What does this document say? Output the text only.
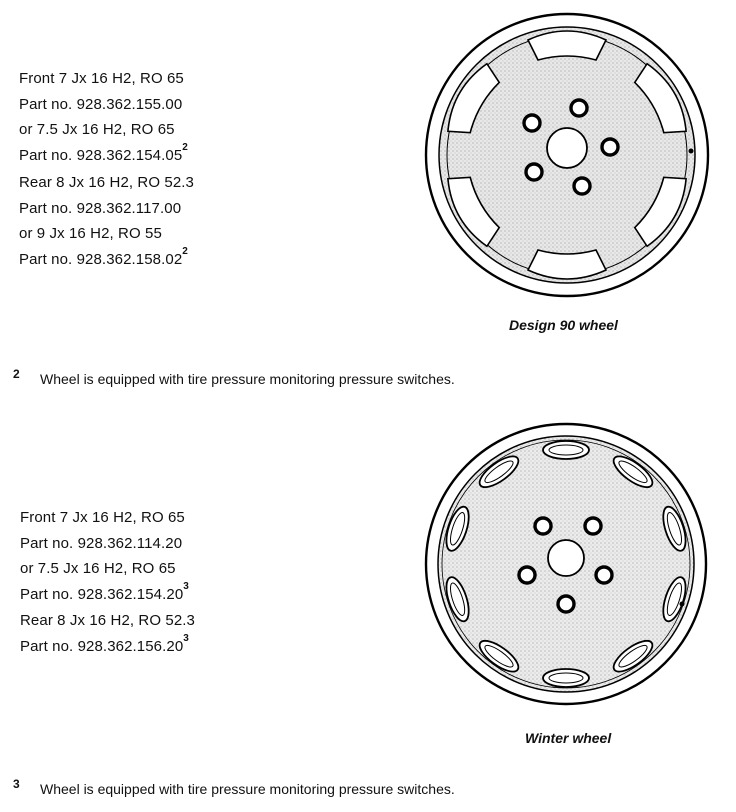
Front 7 Jx 16 H2, RO 65
Part no. 928.362.155.00
or 7.5 Jx 16 H2, RO 65
Part no. 928.362.154.05$^2$
Rear 8 Jx 16 H2, RO 52.3
Part no. 928.362.117.00
or 9 Jx 16 H2, RO 55
Part no. 928.362.158.02$^2$
Design 90 wheel
2 Wheel is equipped with tire pressure monitoring pressure switches.
Front 7 Jx 16 H2, RO 65
Part no. 928.362.114.20
or 7.5 Jx 16 H2, RO 65
Part no. 928.362.154.20$^3$
Rear 8 Jx 16 H2, RO 52.3
Part no. 928.362.156.20$^3$
Winter wheel
3 Wheel is equipped with tire pressure monitoring pressure switches.
